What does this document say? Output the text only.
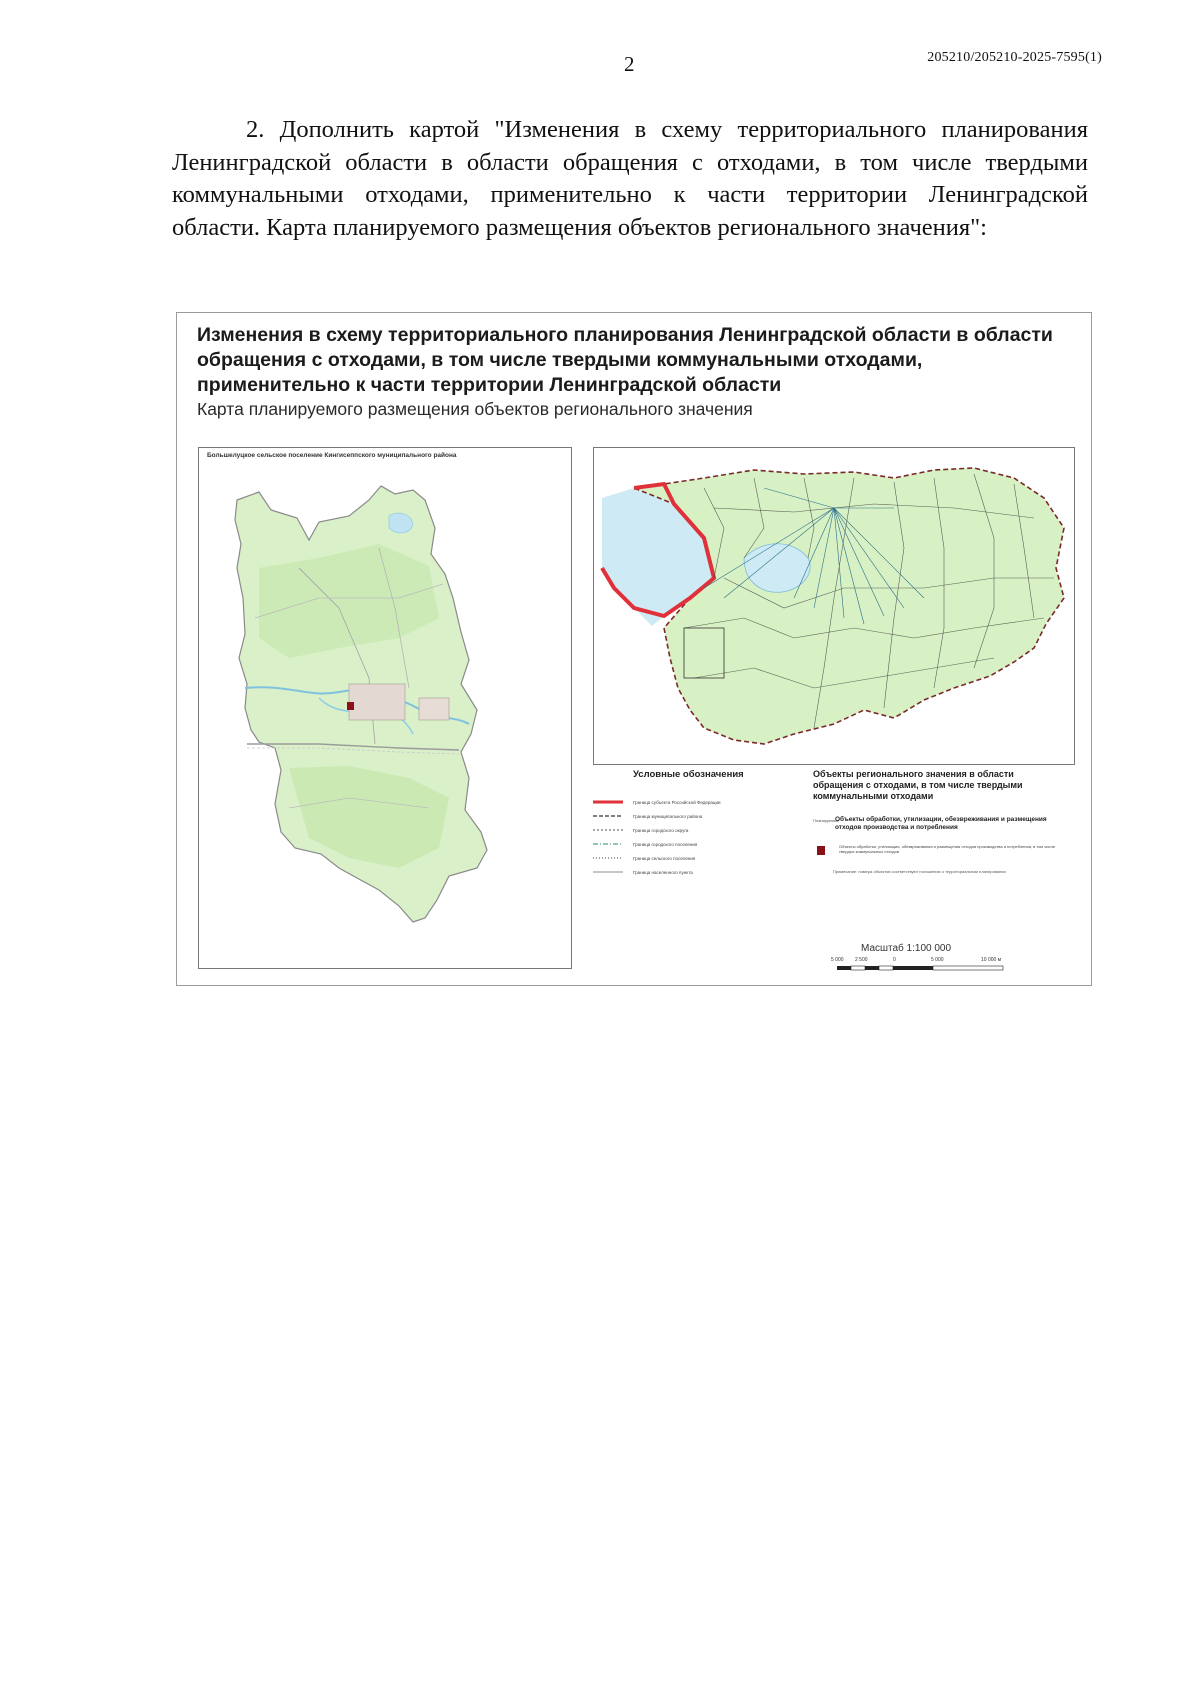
2	205210/205210-2025-7595(1)
2. Дополнить картой "Изменения в схему территориального планирования Ленинградской области в области обращения с отходами, в том числе твердыми коммунальными отходами, применительно к части территории Ленинградской области. Карта планируемого размещения объектов регионального значения":
Изменения в схему территориального планирования Ленинградской области в области обращения с отходами, в том числе твердыми коммунальными отходами, применительно к части территории Ленинградской области
Карта планируемого размещения объектов регионального значения
Большелуцкое сельское поселение Кингисеппского муниципального района
Условные обозначения
Граница субъекта Российской Федерации
Граница муниципального района
Граница городского округа
Граница городского поселения
Граница сельского поселения
Граница населенного пункта
Объекты регионального значения в области обращения с отходами, в том числе твердыми коммунальными отходами
Планируемые
Объекты обработки, утилизации, обезвреживания и размещения отходов производства и потребления
Объекты обработки, утилизации, обезвреживания и размещения отходов производства и потребления, в том числе твердых коммунальных отходов
Примечание: номера объектов соответствуют положению о территориальном планировании
Масштаб 1:100 000
5 000 2 500	0	5 000	10 000 м
